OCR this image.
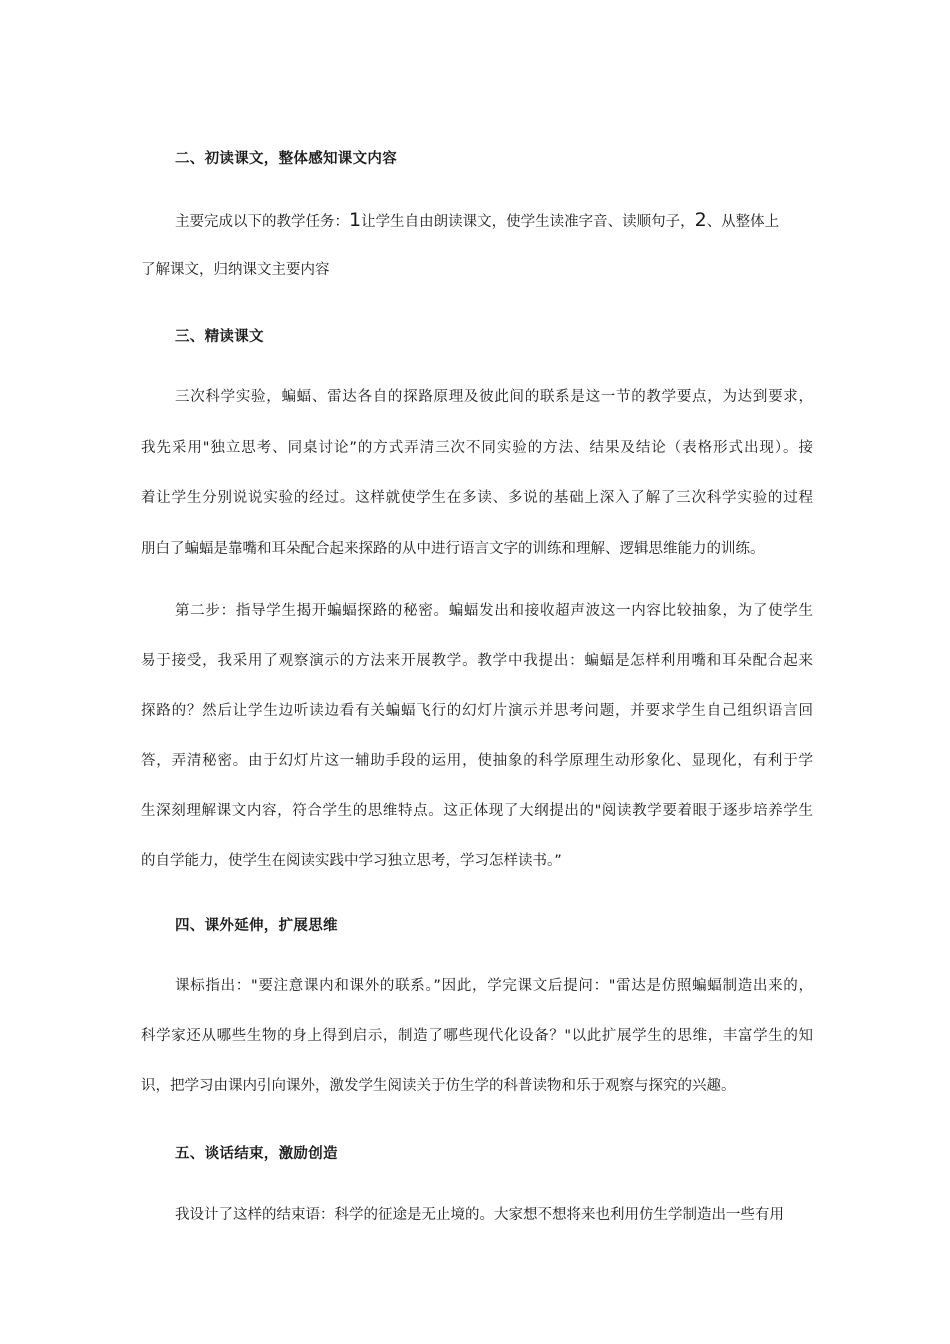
二、初读课文，整体感知课文内容
主要完成以下的教学任务：1让学生自由朗读课文，使学生读准字音、读顺句子，2、从整体上
了解课文，归纳课文主要内容
三、精读课文
三次科学实验，蝙蝠、雷达各自的探路原理及彼此间的联系是这一节的教学要点，为达到要求，
我先采用"独立思考、同桌讨论”的方式弄清三次不同实验的方法、结果及结论（表格形式出现）。接
着让学生分别说说实验的经过。这样就使学生在多读、多说的基础上深入了解了三次科学实验的过程
朋白了蝙蝠是靠嘴和耳朵配合起来探路的从中进行语言文字的训练和理解、逻辑思维能力的训练。
第二步：指导学生揭开蝙蝠探路的秘密。蝙蝠发出和接收超声波这一内容比较抽象，为了使学生
易于接受，我采用了观察演示的方法来开展教学。教学中我提出：蝙蝠是怎样利用嘴和耳朵配合起来
探路的？然后让学生边听读边看有关蝙蝠飞行的幻灯片演示并思考问题，并要求学生自己组织语言回
答，弄清秘密。由于幻灯片这一辅助手段的运用，使抽象的科学原理生动形象化、显现化，有利于学
生深刻理解课文内容，符合学生的思维特点。这正体现了大纲提出的"阅读教学要着眼于逐步培养学生
的自学能力，使学生在阅读实践中学习独立思考，学习怎样读书。”
四、课外延伸，扩展思维
课标指出："要注意课内和课外的联系。”因此，学完课文后提问："雷达是仿照蝙蝠制造出来的，
科学家还从哪些生物的身上得到启示，制造了哪些现代化设备？"以此扩展学生的思维，丰富学生的知
识，把学习由课内引向课外，激发学生阅读关于仿生学的科普读物和乐于观察与探究的兴趣。
五、谈话结束，激励创造
我设计了这样的结束语：科学的征途是无止境的。大家想不想将来也利用仿生学制造出一些有用
